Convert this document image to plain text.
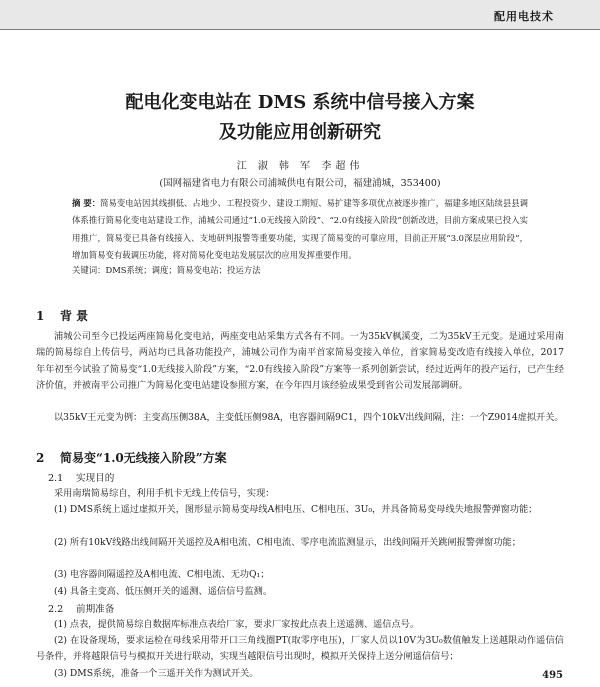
配用电技术
配电化变电站在 DMS 系统中信号接入方案
及功能应用创新研究
江 淑 韩 军 李超伟
(国网福建省电力有限公司浦城供电有限公司，福建浦城，353400)

摘 要：简易变电站因其线損低、占地少、工程投资少、建设工期短、易扩建等多项优点被逐步推广，福建多地区陆续县县调体系推行简易化变电站建设工作，浦城公司通过“1.0无线接入阶段”、“2.0有线接入阶段”创新改进，目前方案成果已投入实用推广，简易变已具备有线接入、支地研判报警等重要功能，实现了简易变的可靠应用，目前正开展“3.0深层应用阶段”，增加简易变有载调压功能，将对简易化变电站发展层次的应用发挥重要作用。

关键词：DMS系统；调度；简易变电站；投运方法
1 背 景

浦城公司至今已投运两座简易化变电站，两座变电站采集方式各有不同。一为35kV枫溪变，二为35kV王元变。是通过采用南瑞的简易综自上传信号，两站均已具备功能投产，浦城公司作为南平首家简易变接入单位，首家简易变改造有线接入单位，2017年年初至今试验了简易变“1.0无线接入阶段”方案，“2.0有线接入阶段”方案等一系列创新尝试，经过近两年的投产运行，已产生经济价值，并被南平公司推广为简易化变电站建设参照方案，在今年四月该经验成果受到省公司发展部调研。

以35kV王元变为例：主变高压侧38A，主变低压侧98A，电容器间隔9C1，四个10kV出线间隔，注：一个Z9014虚拟开关。

2 简易变“1.0无线接入阶段”方案
2.1 实现目的

采用南瑞简易综自，利用手机卡无线上传信号，实现：

(1) DMS系统上遥过虚拟开关，图形显示简易变母线A相电压、C相电压、3U₀，并具备简易变母线失地报警弹窗功能；

(2) 所有10kV线路出线间隔开关遥控及A相电流、C相电流、零序电流监测显示，出线间隔开关跳闸报警弹窗功能；

(3) 电容器间隔遥控及A相电流、C相电流、无功Q₁；

(4) 具备主变高、低压侧开关的遥测、遥信信号监测。

2.2 前期准备

(1) 点表，提供简易综自数据库标准点表给厂家，要求厂家按此点表上送遥测、遥信点号。

(2) 在设备现场，要求运检在母线采用带开口三角线圈PT(取零序电压)，厂家人员以10V为3U₀数值触发上送越限动作遥信信号条件，并将越限信号与模拟开关进行联动，实现当越限信号出现时，模拟开关保持上送分闸遥信信号；

(3) DMS系统，准备一个三遥开关作为测试开关。	495
